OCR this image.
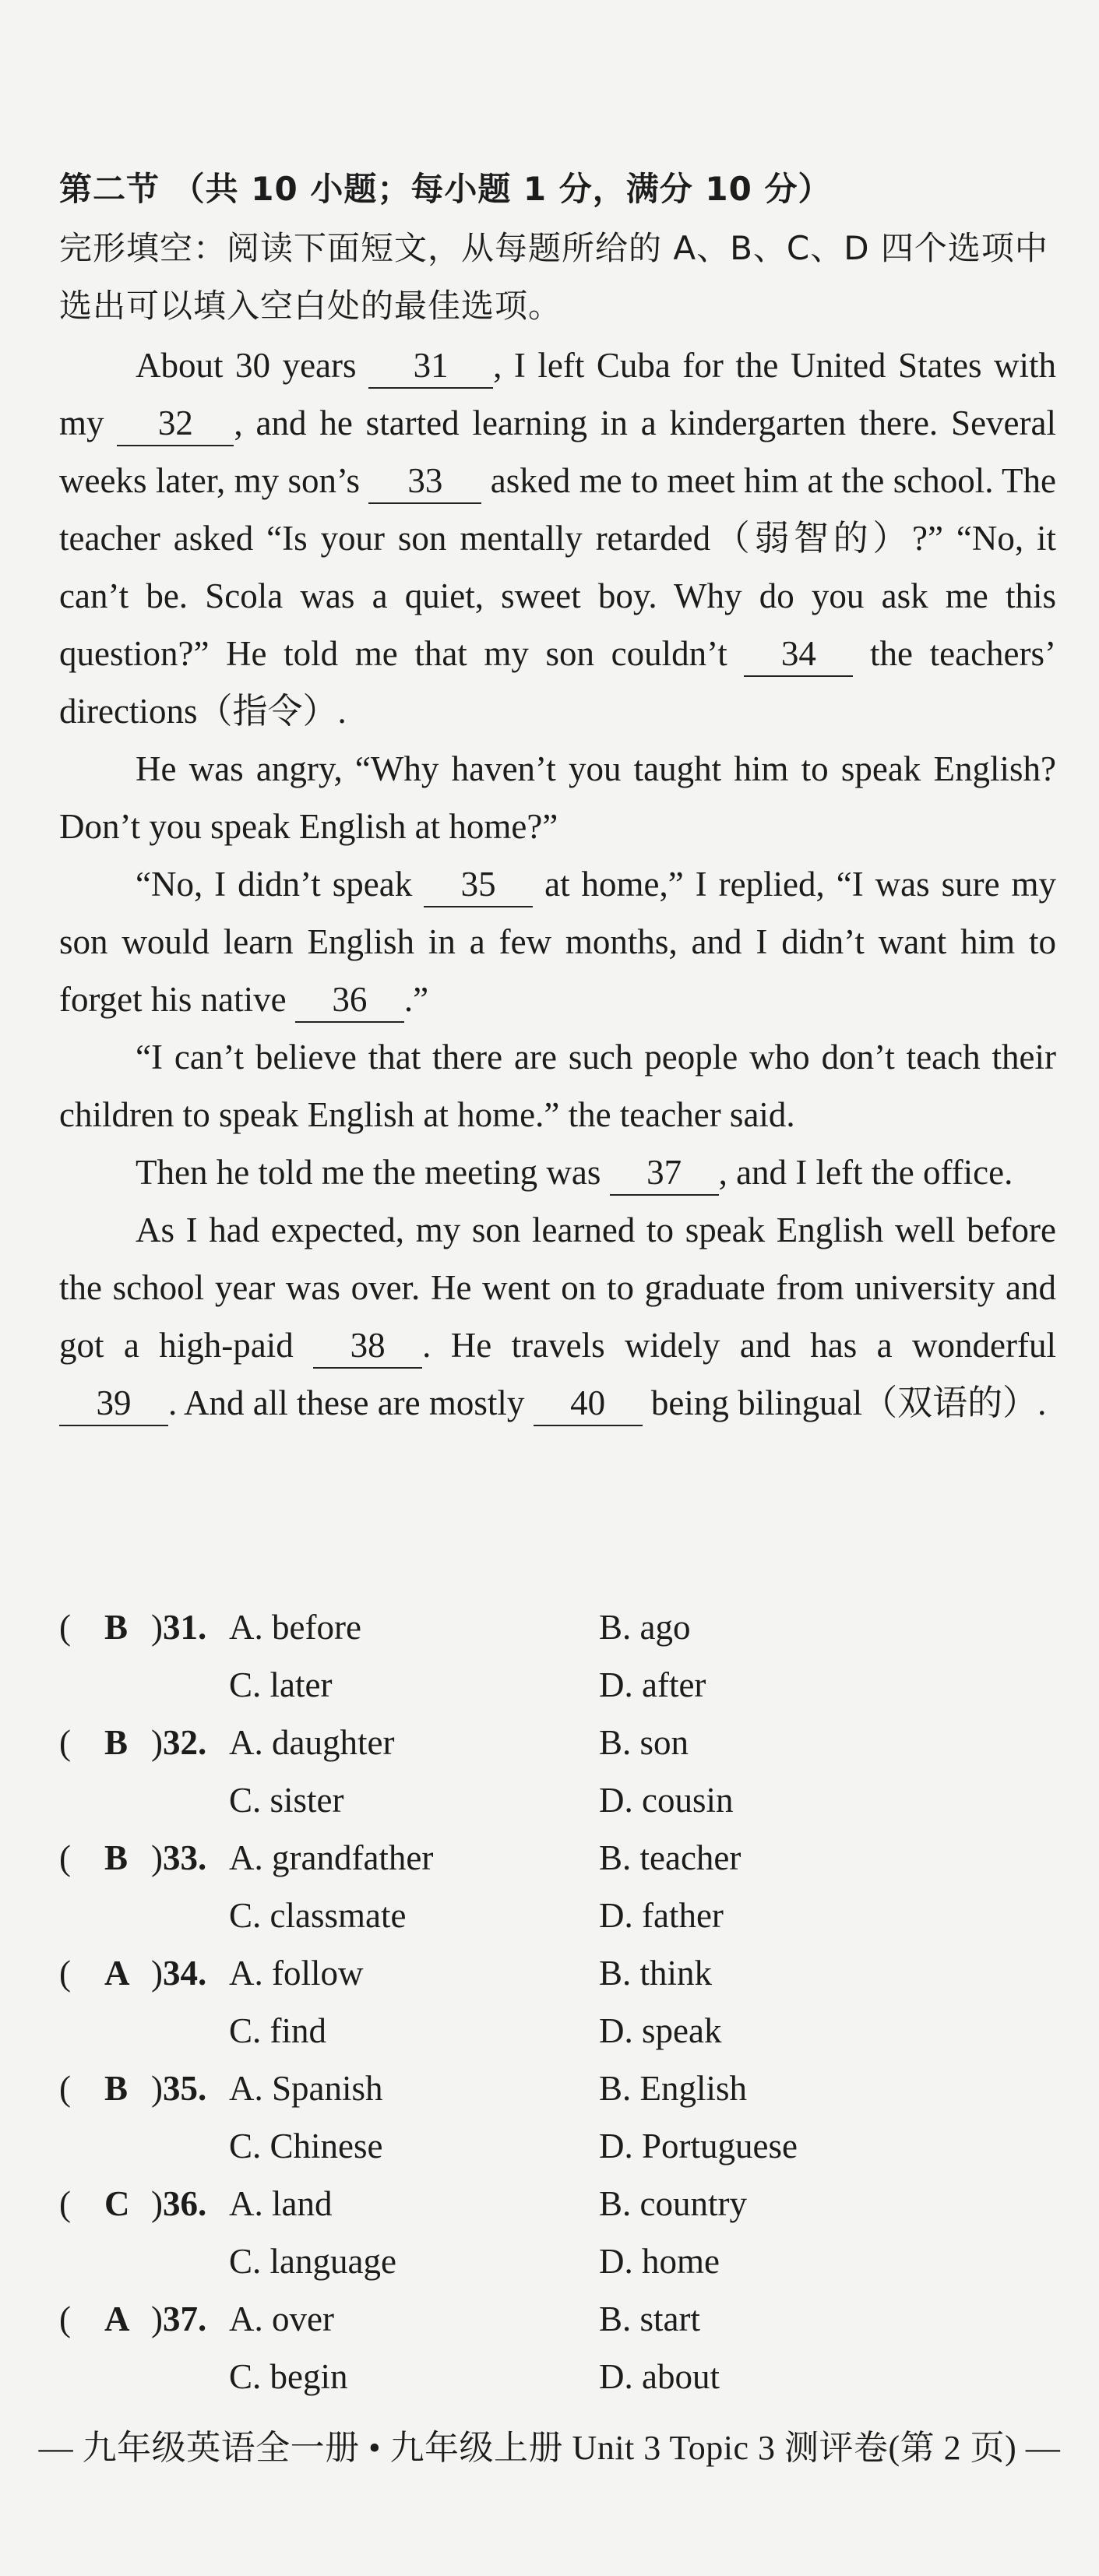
第二节 （共 10 小题；每小题 1 分，满分 10 分）
完形填空：阅读下面短文，从每题所给的 A、B、C、D 四个选项中选出可以填入空白处的最佳选项。

About 30 years 31 , I left Cuba for the United States with my 32 , and he started learning in a kindergarten there. Several weeks later, my son’s 33 asked me to meet him at the school. The teacher asked “Is your son mentally retarded（弱智的）?” “No, it can’t be. Scola was a quiet, sweet boy. Why do you ask me this question?” He told me that my son couldn’t 34 the teachers’ directions（指令）.

He was angry, “Why haven’t you taught him to speak English? Don’t you speak English at home?”

“No, I didn’t speak 35 at home,” I replied, “I was sure my son would learn English in a few months, and I didn’t want him to forget his native 36 .”

“I can’t believe that there are such people who don’t teach their children to speak English at home.” the teacher said.

Then he told me the meeting was 37 , and I left the office.

As I had expected, my son learned to speak English well before the school year was over. He went on to graduate from university and got a high-paid 38 . He travels widely and has a wonderful 39 . And all these are mostly 40 being bilingual（双语的）.

( B )31. A. before	B. ago
C. later	D. after
( B )32. A. daughter	B. son
C. sister	D. cousin
( B )33. A. grandfather	B. teacher
C. classmate	D. father
( A )34. A. follow	B. think
C. find	D. speak
( B )35. A. Spanish	B. English
C. Chinese	D. Portuguese
( C )36. A. land	B. country
C. language	D. home
( A )37. A. over	B. start
C. begin	D. about
— 九年级英语全一册 • 九年级上册 Unit 3 Topic 3 测评卷(第 2 页) —
